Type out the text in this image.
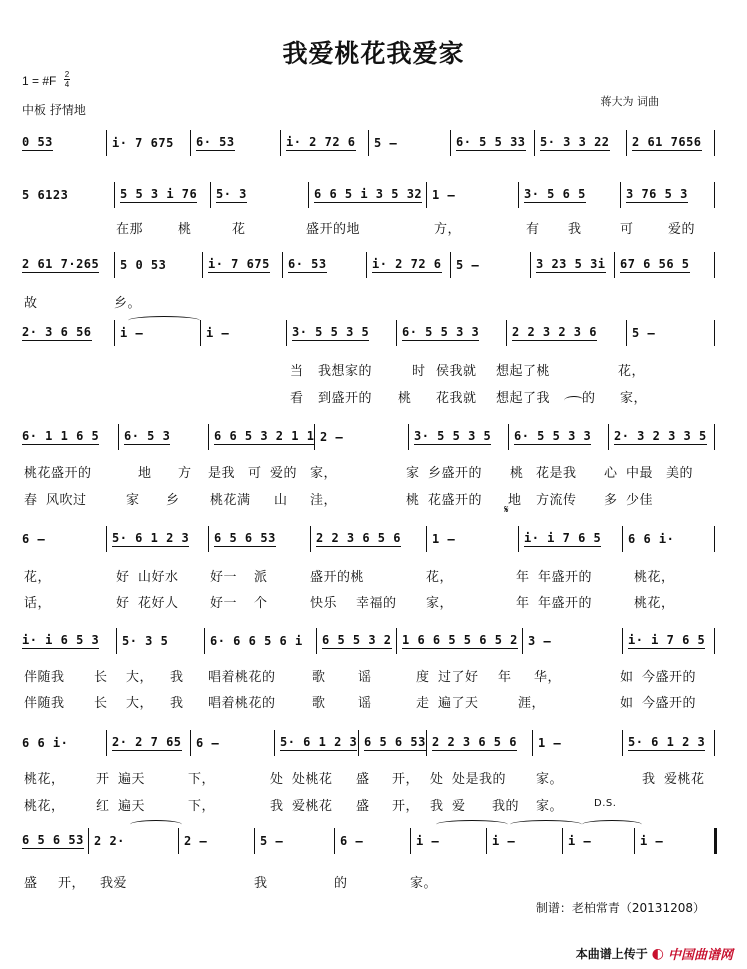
我爱桃花我爱家
1 = #F 2
4
中板 抒情地
蒋大为 词曲
0 53	i· 7 675 6· 53	i· 2 72 6 5 –	6· 5 5 33 5· 3 3 22 2 61 7656
5 6123	5 5 3 i 76 5· 3	6 6 5 i 3 5 32 1 –	3· 5 6 5	3 76 5 3
2 61 7·265 5 0 53	i· 7 675 6· 53	i· 2 72 6 5 –	3 23 5 3i 67 6 56 5
2· 3 6 56 i –	i –	3· 5 5 3 5	6· 5 5 3 3	2 2 3 2 3 6	5 –
6· 1 1 6 5 6· 5 3	6 6 5 3 2 1 1 2 –	3· 5 5 3 5 6· 5 5 3 3 2· 3 2 3 3 5
6 –	5· 6 1 2 3 6 5 6 53	2 2 3 6 5 6	1 –	i· i 7 6 5 6 6 i·
i· i 6 5 3 5· 3 5	6· 6 6 5 6 i 6 5 5 3 2 1 6 6 5 5 6 5 2 3 –	i· i 7 6 5
6 6 i·	2· 2 7 65 6 –	5· 6 1 2 3 6 5 6 53 2 2 3 6 5 6 1 –	5· 6 1 2 3
6 5 6 53 2 2·	2 –	5 –	6 –	i –	i –	i –	i –
在那	桃	花	盛开的地	方，	有 我	可	爱的
故	乡。
当 我想家的	时 侯我就 想起了桃	花，
看 到盛开的 桃 花我就 想起了我 的 家，
桃花盛开的	地 方 是我 可 爱的 家，	家 乡盛开的 桃 花是我 心 中最 美的
春 风吹过	家 乡 桃花满 山 洼，	桃 花盛开的 地 方流传 多 少佳
𝄋
花，	好 山好水 好一 派	盛开的桃	花，	年 年盛开的	桃花，
话，	好 花好人 好一 个	快乐 幸福的 家，	年 年盛开的	桃花，
伴随我 长 大， 我 唱着桃花的	歌 谣	度 过了好 年 华，	如 今盛开的
伴随我 长 大， 我 唱着桃花的	歌 谣	走 遍了天	涯，	如 今盛开的
桃花， 开 遍天	下，	处 处桃花 盛 开， 处 处是我的 家。	我 爱桃花
桃花， 红 遍天	下，	我 爱桃花 盛 开， 我 爱 我的 家。	D.S.
盛 开， 我爱	我	的	家。
制谱：老柏常青（20131208）
本曲谱上传于 ◐ 中国曲谱网
